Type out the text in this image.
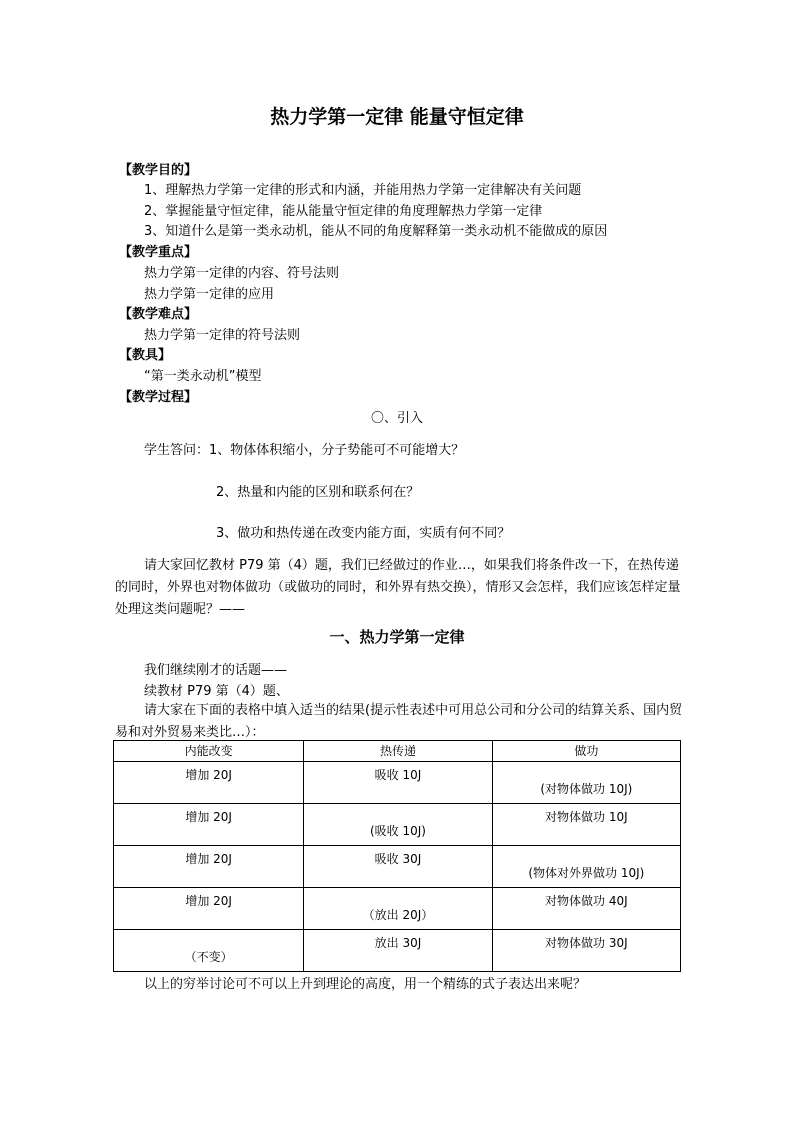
热力学第一定律 能量守恒定律
【教学目的】
1、理解热力学第一定律的形式和内涵，并能用热力学第一定律解决有关问题
2、掌握能量守恒定律，能从能量守恒定律的角度理解热力学第一定律
3、知道什么是第一类永动机，能从不同的角度解释第一类永动机不能做成的原因
【教学重点】
热力学第一定律的内容、符号法则
热力学第一定律的应用
【教学难点】
热力学第一定律的符号法则
【教具】
“第一类永动机”模型
【教学过程】
〇、引入
学生答问：1、物体体积缩小，分子势能可不可能增大？
2、热量和内能的区别和联系何在？
3、做功和热传递在改变内能方面，实质有何不同？
请大家回忆教材 P79 第（4）题，我们已经做过的作业…，如果我们将条件改一下，在热传递的同时，外界也对物体做功（或做功的同时，和外界有热交换），情形又会怎样，我们应该怎样定量处理这类问题呢？——
一、热力学第一定律
我们继续刚才的话题——
续教材 P79 第（4）题、
请大家在下面的表格中填入适当的结果(提示性表述中可用总公司和分公司的结算关系、国内贸易和对外贸易来类比…）：
内能改变	热传递	做功

增加 20J	吸收 10J	(对物体做功 10J)

增加 20J	(吸收 10J)	对物体做功 10J

增加 20J	吸收 30J	(物体对外界做功 10J)

增加 20J	（放出 20J）	对物体做功 40J

（不变）	放出 30J	对物体做功 30J
以上的穷举讨论可不可以上升到理论的高度，用一个精练的式子表达出来呢？
